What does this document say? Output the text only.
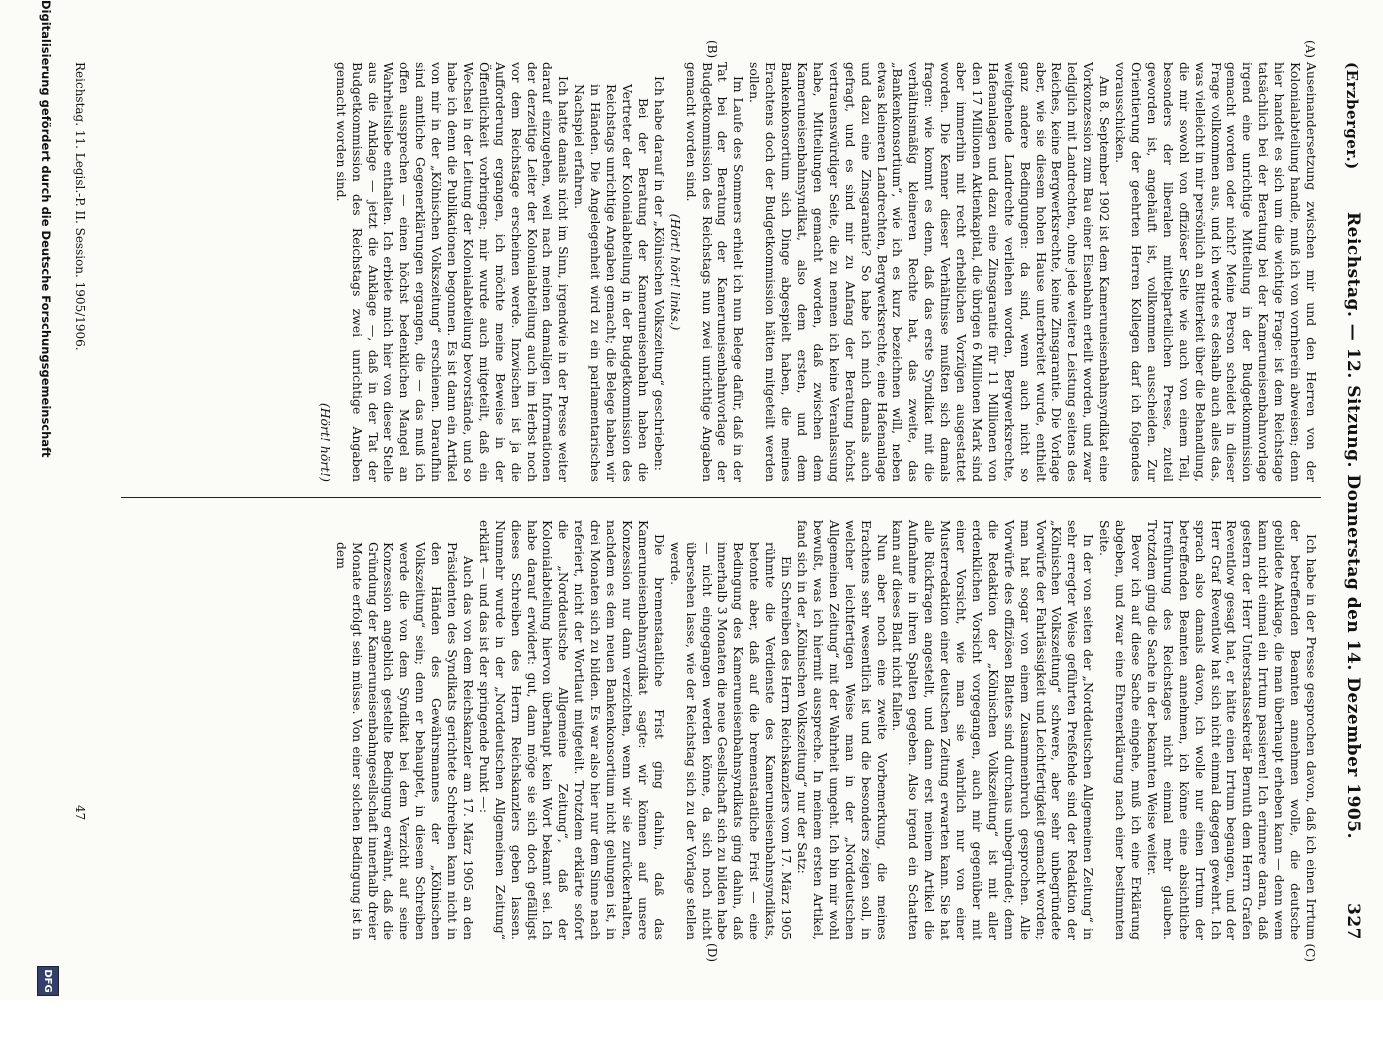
(Erzberger.)
Reichstag. — 12. Sitzung. Donnerstag den 14. Dezember 1905.
327
(A)
(B)

Auseinandersetzung zwischen mir und den Herren von der Kolonialabteilung handle, muß ich von vornherein abweisen; denn hier handelt es sich um die wichtige Frage: ist dem Reichstage tatsächlich bei der Beratung bei der Kameruneisenbahnvorlage irgend eine unrichtige Mitteilung in der Budgetkommission gemacht worden oder nicht? Meine Person scheidet in dieser Frage vollkommen aus, und ich werde es deshalb auch alles das, was vielleicht in mir persönlich an Bitterkeit über die Behandlung, die mir sowohl von offiziöser Seite wie auch von einem Teil, besonders der liberalen mittelparteilichen Presse, zuteil geworden ist, angehäuft ist, vollkommen ausscheiden. Zur Orientierung der geehrten Herren Kollegen darf ich folgendes vorausschicken.

Am 8. September 1902 ist dem Kameruneisenbahnsyndikat eine Vorkonzession zum Bau einer Eisenbahn erteilt worden, und zwar lediglich mit Landrechten, ohne jede weitere Leistung seitens des Reiches, keine Bergwerksrechte, keine Zinsgarantie. Die Vorlage aber, wie sie diesem hohen Hause unterbreitet wurde, enthielt ganz andere Bedingungen: da sind, wenn auch nicht so weitgehende Landrechte verliehen worden, Bergwerksrechte, Hafenanlagen und dazu eine Zinsgarantie für 11 Millionen von den 17 Millionen Aktienkapital, die übrigen 6 Millionen Mark sind aber immerhin mit recht erheblichen Vorzügen ausgestattet worden. Die Kenner dieser Verhältnisse mußten sich damals fragen: wie kommt es denn, daß das erste Syndikat mit die verhältnismäßig kleineren Rechte hat, das zweite, das „Bankenkonsortium“, wie ich es kurz bezeichnen will, neben etwas kleineren Landrechten, Bergwerksrechte, eine Hafenanlage und dazu eine Zinsgarantie? So habe ich mich damals auch gefragt, und es sind mir zu Anfang der Beratung höchst vertrauenswürdiger Seite, die zu nennen ich keine Veranlassung habe, Mitteilungen gemacht worden, daß zwischen dem Kameruneisenbahnsyndikat, also dem ersten, und dem Bankenkonsortium sich Dinge abgespielt haben, die meines Erachtens doch der Budgetkommission hätten mitgeteilt werden sollen.

Im Laufe des Sommers erhielt ich nun Belege dafür, daß in der Tat bei der Beratung der Kameruneisenbahnvorlage der Budgetkommission des Reichstags nun zwei unrichtige Angaben gemacht worden sind.

(Hört! hört! links.)

Ich habe darauf in der „Kölnischen Volkszeitung“ geschrieben:

Bei der Beratung der Kameruneisenbahn haben die Vertreter der Kolonialabteilung in der Budgetkommission des Reichstags unrichtige Angaben gemacht; die Belege haben wir in Händen. Die Angelegenheit wird zu ein parlamentarisches Nachspiel erfahren.

Ich hatte damals nicht im Sinn, irgendwie in der Presse weiter darauf einzugehen, weil nach meinen damaligen Informationen der derzeitige Leiter der Kolonialabteilung auch im Herbst noch vor dem Reichstage erscheinen werde. Inzwischen ist ja die Aufforderung ergangen, ich möchte meine Beweise in der Öffentlichkeit vorbringen; mir wurde auch mitgeteilt, daß ein Wechsel in der Leitung der Kolonialabteilung bevorstände, und so habe ich denn die Publikationen begonnen. Es ist dann ein Artikel von mir in der „Kölnischen Volkszeitung“ erschienen. Daraufhin sind amtliche Gegenerklärungen ergangen, die — das muß ich offen aussprechen — einen höchst bedenklichen Mangel an Wahrheitsliebe enthalten. Ich erbiete mich hier von dieser Stelle aus die Anklage — jetzt die Anklage —, daß in der Tat der Budgetkommission des Reichstags zwei unrichtige Angaben gemacht worden sind.

(Hört! hört!)

(C)
(D)

Ich habe in der Presse gesprochen davon, daß ich einen Irrtum der betreffenden Beamten annehmen wolle, die deutsche gebildete Anklage, die man überhaupt erheben kann — denn wem kann nicht einmal ein Irrtum passieren! Ich erinnere daran, daß gestern der Herr Unterstaatssekretär Bernuth dem Herrn Grafen Reventlow gesagt hat, er hätte einen Irrtum begangen, und der Herr Graf Reventlow hat sich nicht einmal dagegen gewehrt. Ich sprach also damals davon, ich wolle nur einen Irrtum der betreffenden Beamten annehmen, ich könne eine absichtliche Irreführung des Reichstages nicht einmal mehr glauben. Trotzdem ging die Sache in der bekannten Weise weiter.

Bevor ich auf diese Sache eingehe, muß ich eine Erklärung abgeben, und zwar eine Ehrenerklärung nach einer bestimmten Seite.

In der von seiten der „Norddeutschen Allgemeinen Zeitung“ in sehr erregter Weise geführten Preßfehde sind der Redaktion der „Kölnischen Volkszeitung“ schwere, aber sehr unbegründete Vorwürfe der Fahrlässigkeit und Leichtfertigkeit gemacht worden; man hat sogar von einem Zusammenbruch gesprochen. Alle Vorwürfe des offiziösen Blattes sind durchaus unbegründet; denn die Redaktion der „Kölnischen Volkszeitung“ ist mit aller erdenklichen Vorsicht vorgegangen, auch mir gegenüber mit einer Vorsicht, wie man sie wahrlich nur von einer Musterredaktion einer deutschen Zeitung erwarten kann. Sie hat alle Rückfragen angestellt, und dann erst meinem Artikel die Aufnahme in ihren Spalten gegeben. Also irgend ein Schatten kann auf dieses Blatt nicht fallen.

Nun aber noch eine zweite Vorbemerkung, die meines Erachtens sehr wesentlich ist und die besonders zeigen soll, in welcher leichtfertigen Weise man in der „Norddeutschen Allgemeinen Zeitung“ mit der Wahrheit umgeht. Ich bin mir wohl bewußt, was ich hiermit ausspreche. In meinem ersten Artikel, fand sich in der „Kölnischen Volkszeitung“ nur der Satz:

Ein Schreiben des Herrn Reichskanzlers vom 17. März 1905 rühmte die Verdienste des Kameruneisenbahnsyndikats, betonte aber, daß auf die bremenstaatliche Frist — eine Bedingung des Kameruneisenbahnsyndikats ging dahin, daß innerhalb 3 Monaten die neue Gesellschaft sich zu bilden habe — nicht eingegangen werden könne, da sich noch nicht übersehen lasse, wie der Reichstag sich zu der Vorlage stellen werde.

Die bremenstaatliche Frist ging dahin, daß das Kameruneisenbahnsyndikat sagte: wir können auf unsere Konzession nur dann verzichten, wenn wir sie zurückerhalten, nachdem es dem neuen Bankenkonsortium nicht gelungen ist, in drei Monaten sich zu bilden. Es war also hier nur dem Sinne nach referiert, nicht der Wortlaut mitgeteilt. Trotzdem erklärte sofort die „Norddeutsche Allgemeine Zeitung“, daß der Kolonialabteilung hiervon überhaupt kein Wort bekannt sei. Ich habe darauf erwidert: gut, dann möge sie sich doch gefälligst dieses Schreiben des Herrn Reichskanzlers geben lassen. Nunmehr wurde in der „Norddeutschen Allgemeinen Zeitung“ erklärt — und das ist der springende Punkt —:

Auch das von dem Reichskanzler am 17. März 1905 an den Präsidenten des Syndikats gerichtete Schreiben kann nicht in den Händen des Gewährsmannes der „Kölnischen Volkszeitung“ sein; denn er behauptet, in diesem Schreiben werde die von dem Syndikat bei dem Verzicht auf seine Konzession angeblich gestellte Bedingung erwähnt, daß die Gründung der Kameruneisenbahngesellschaft innerhalb dreier Monate erfolgt sein müsse. Von einer solchen Bedingung ist in dem

Reichstag. 11. Legisl.-P. II. Session. 1905/1906.
47
Digitalisierung gefördert durch die Deutsche Forschungsgemeinschaft
DFG
